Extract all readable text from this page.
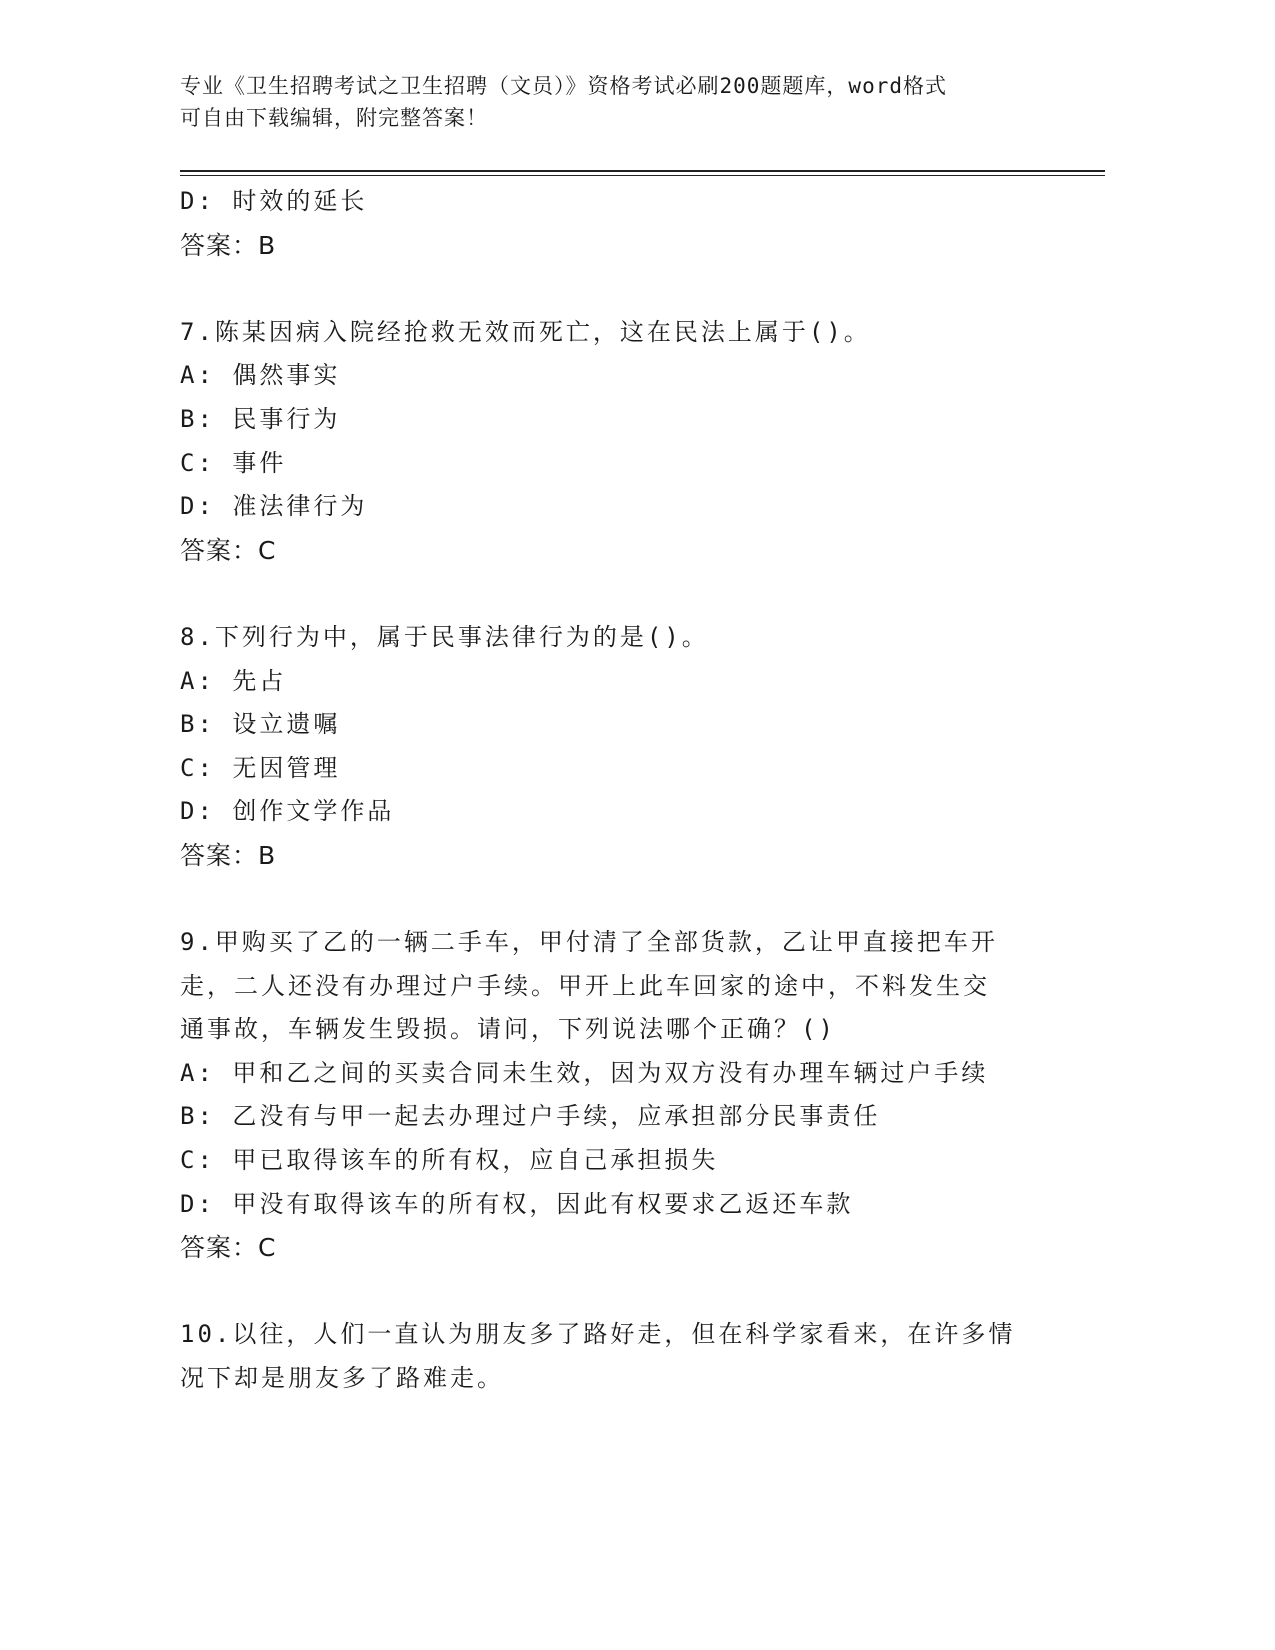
专业《卫生招聘考试之卫生招聘（文员）》资格考试必刷200题题库，word格式
可自由下载编辑，附完整答案！
D: 时效的延长
答案：B
7.陈某因病入院经抢救无效而死亡，这在民法上属于()。
A: 偶然事实
B: 民事行为
C: 事件
D: 准法律行为
答案：C
8.下列行为中，属于民事法律行为的是()。
A: 先占
B: 设立遗嘱
C: 无因管理
D: 创作文学作品
答案：B
9.甲购买了乙的一辆二手车，甲付清了全部货款，乙让甲直接把车开
走，二人还没有办理过户手续。甲开上此车回家的途中，不料发生交
通事故，车辆发生毁损。请问，下列说法哪个正确？()
A: 甲和乙之间的买卖合同未生效，因为双方没有办理车辆过户手续
B: 乙没有与甲一起去办理过户手续，应承担部分民事责任
C: 甲已取得该车的所有权，应自己承担损失
D: 甲没有取得该车的所有权，因此有权要求乙返还车款
答案：C
10.以往，人们一直认为朋友多了路好走，但在科学家看来，在许多情
况下却是朋友多了路难走。
